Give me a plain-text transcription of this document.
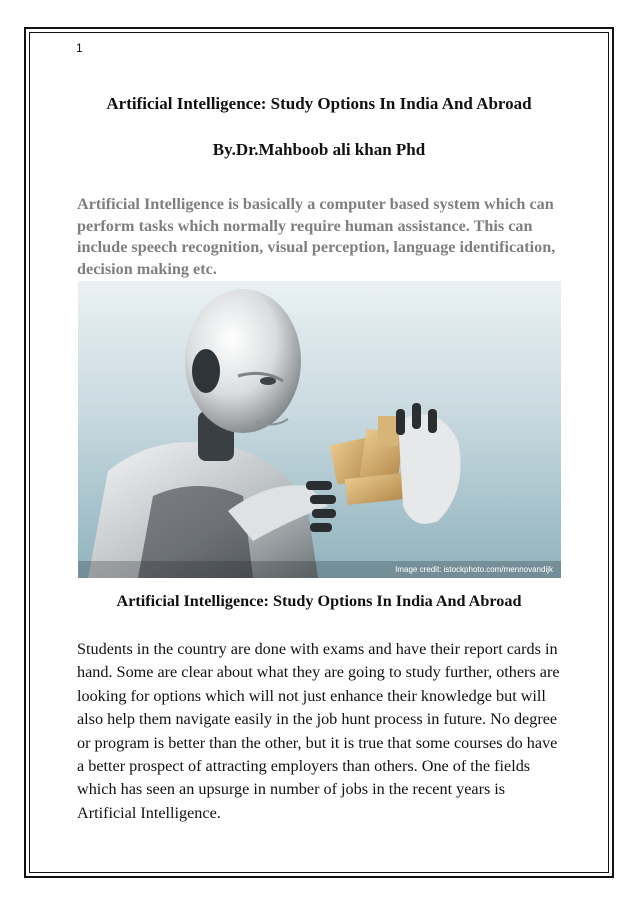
1
Artificial Intelligence: Study Options In India And Abroad
By.Dr.Mahboob ali khan Phd

Artificial Intelligence is basically a computer based system which can perform tasks which normally require human assistance. This can include speech recognition, visual perception, language identification, decision making etc.

Image credit: istockphoto.com/mennovandijk
Artificial Intelligence: Study Options In India And Abroad

Students in the country are done with exams and have their report cards in hand. Some are clear about what they are going to study further, others are looking for options which will not just enhance their knowledge but will also help them navigate easily in the job hunt process in future. No degree or program is better than the other, but it is true that some courses do have a better prospect of attracting employers than others. One of the fields which has seen an upsurge in number of jobs in the recent years is Artificial Intelligence.
